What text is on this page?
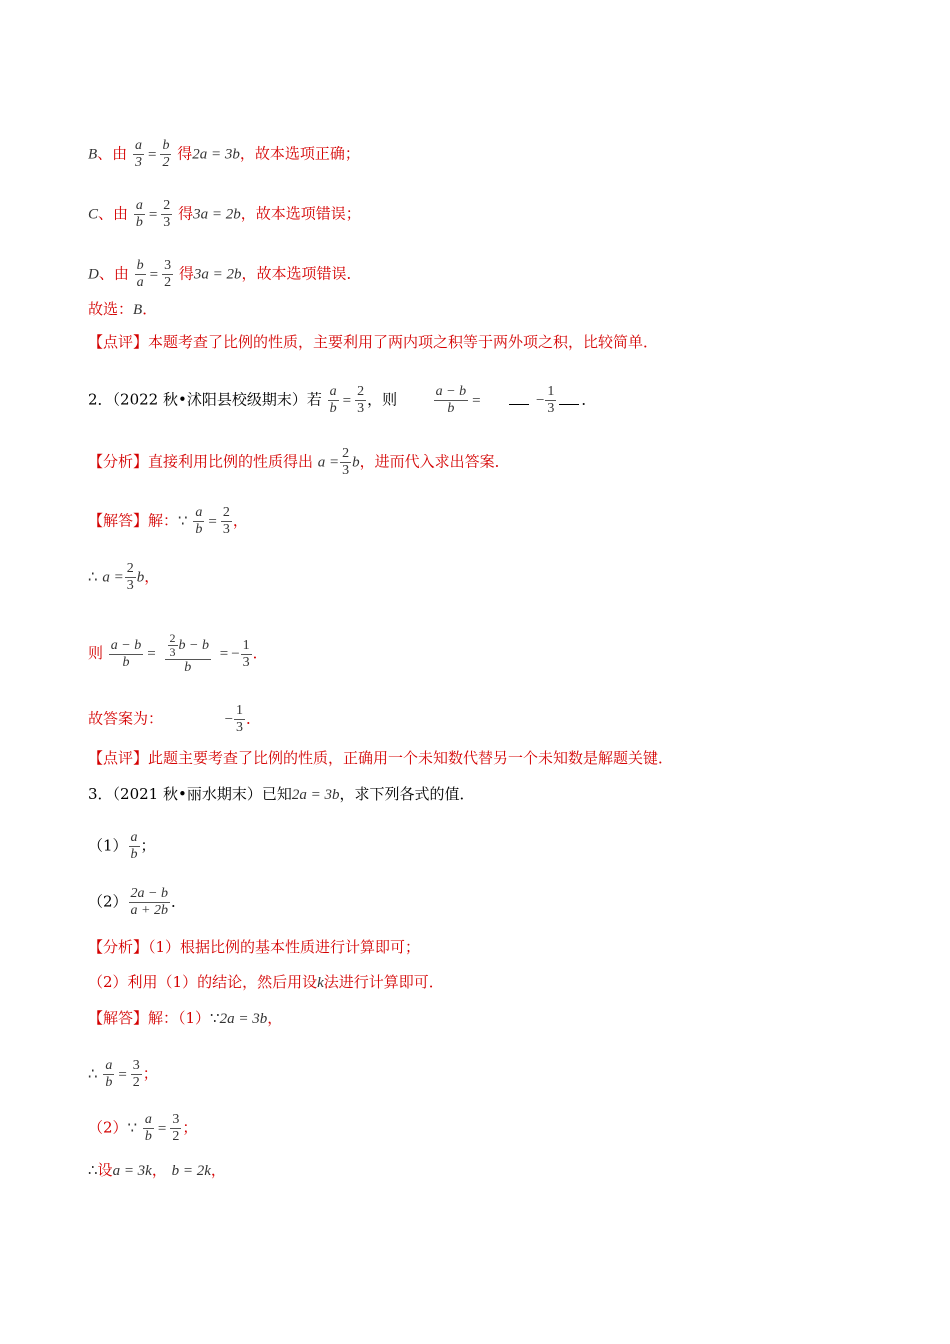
B、由 $\frac{a}{3} = \frac{b}{2}$ 得2a = 3b，故本选项正确；
C、由 $\frac{a}{b} = \frac{2}{3}$ 得3a = 2b，故本选项错误；
D、由 $\frac{b}{a} = \frac{3}{2}$ 得3a = 2b，故本选项错误．
故选：B．
【点评】本题考查了比例的性质，主要利用了两内项之积等于两外项之积，比较简单．
2．（2022 秋•沭阳县校级期末）若 $\frac{a}{b} = \frac{2}{3}$ ，则	$\frac{a - b}{b}$ =	− $\frac{1}{3}$ ．
【分析】直接利用比例的性质得出 $a = \frac{2}{3}$ b，进而代入求出答案．
【解答】解：∵ $\frac{a}{b} = \frac{2}{3}$ ，
∴ $a = \frac{2}{3}$ b，
则 $\frac{a - b}{b} = \frac{\frac{2}{3} b - b}{b}$ = − $\frac{1}{3}$ ．
故答案为：	− $\frac{1}{3}$ ．
【点评】此题主要考查了比例的性质，正确用一个未知数代替另一个未知数是解题关键．
3．（2021 秋•丽水期末）已知2a = 3b，求下列各式的值．
$(1) \frac{a}{b}$ ；
$(2) \frac{2a - b}{a + 2b}$ ．
【分析】（1）根据比例的基本性质进行计算即可；
（2）利用（1）的结论，然后用设k法进行计算即可．
【解答】解：（1）∵2a = 3b，
∴ $\frac{a}{b} = \frac{3}{2}$ ；
（2）∵ $\frac{a}{b} = \frac{3}{2}$ ；
∴设a = 3k， b = 2k，
